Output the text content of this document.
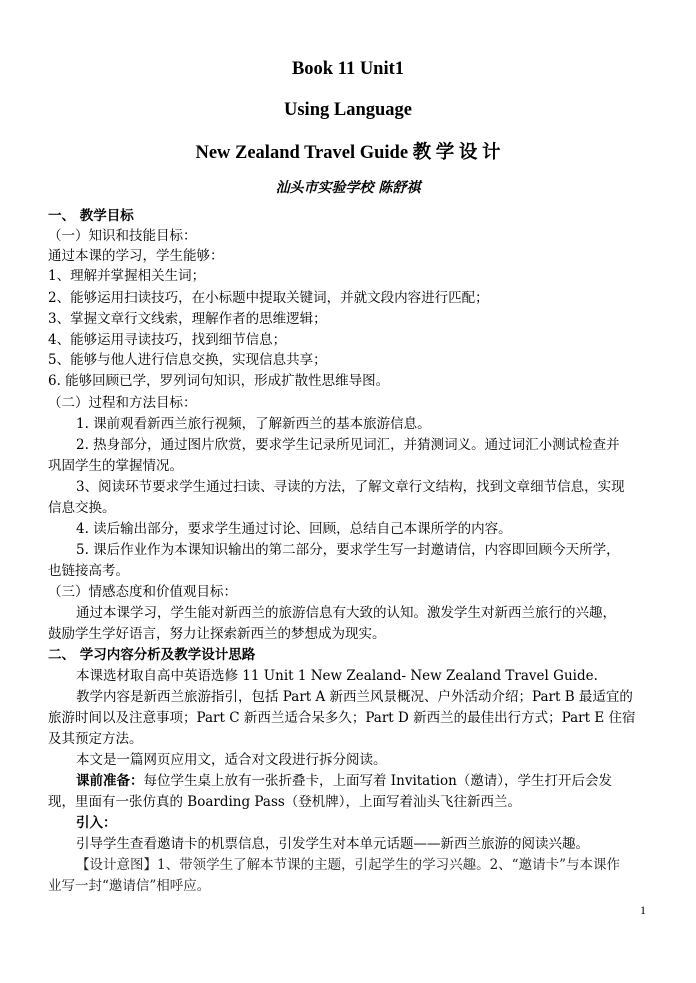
Book 11 Unit1
Using Language
New Zealand Travel Guide 教 学 设 计
汕头市实验学校 陈舒祺
一、 教学目标
（一）知识和技能目标：
通过本课的学习，学生能够：
1、理解并掌握相关生词；
2、能够运用扫读技巧，在小标题中提取关键词，并就文段内容进行匹配；
3、掌握文章行文线索，理解作者的思维逻辑；
4、能够运用寻读技巧，找到细节信息；
5、能够与他人进行信息交换，实现信息共享；
6. 能够回顾已学，罗列词句知识，形成扩散性思维导图。
（二）过程和方法目标：
1. 课前观看新西兰旅行视频，了解新西兰的基本旅游信息。
2. 热身部分，通过图片欣赏，要求学生记录所见词汇，并猜测词义。通过词汇小测试检查并
巩固学生的掌握情况。
3、阅读环节要求学生通过扫读、寻读的方法，了解文章行文结构，找到文章细节信息，实现
信息交换。
4. 读后输出部分，要求学生通过讨论、回顾，总结自己本课所学的内容。
5. 课后作业作为本课知识输出的第二部分，要求学生写一封邀请信，内容即回顾今天所学，
也链接高考。
（三）情感态度和价值观目标：
通过本课学习，学生能对新西兰的旅游信息有大致的认知。激发学生对新西兰旅行的兴趣，
鼓励学生学好语言，努力让探索新西兰的梦想成为现实。
二、 学习内容分析及教学设计思路
本课选材取自高中英语选修 11 Unit 1 New Zealand- New Zealand Travel Guide.
教学内容是新西兰旅游指引，包括 Part A 新西兰风景概况、户外活动介绍；Part B 最适宜的
旅游时间以及注意事项；Part C 新西兰适合呆多久；Part D 新西兰的最佳出行方式；Part E 住宿
及其预定方法。
本文是一篇网页应用文，适合对文段进行拆分阅读。
课前准备：每位学生桌上放有一张折叠卡，上面写着 Invitation（邀请），学生打开后会发
现，里面有一张仿真的 Boarding Pass（登机牌），上面写着汕头飞往新西兰。
引入：
引导学生查看邀请卡的机票信息，引发学生对本单元话题——新西兰旅游的阅读兴趣。
【设计意图】1、带领学生了解本节课的主题，引起学生的学习兴趣。2、“邀请卡”与本课作
业写一封“邀请信”相呼应。
1
